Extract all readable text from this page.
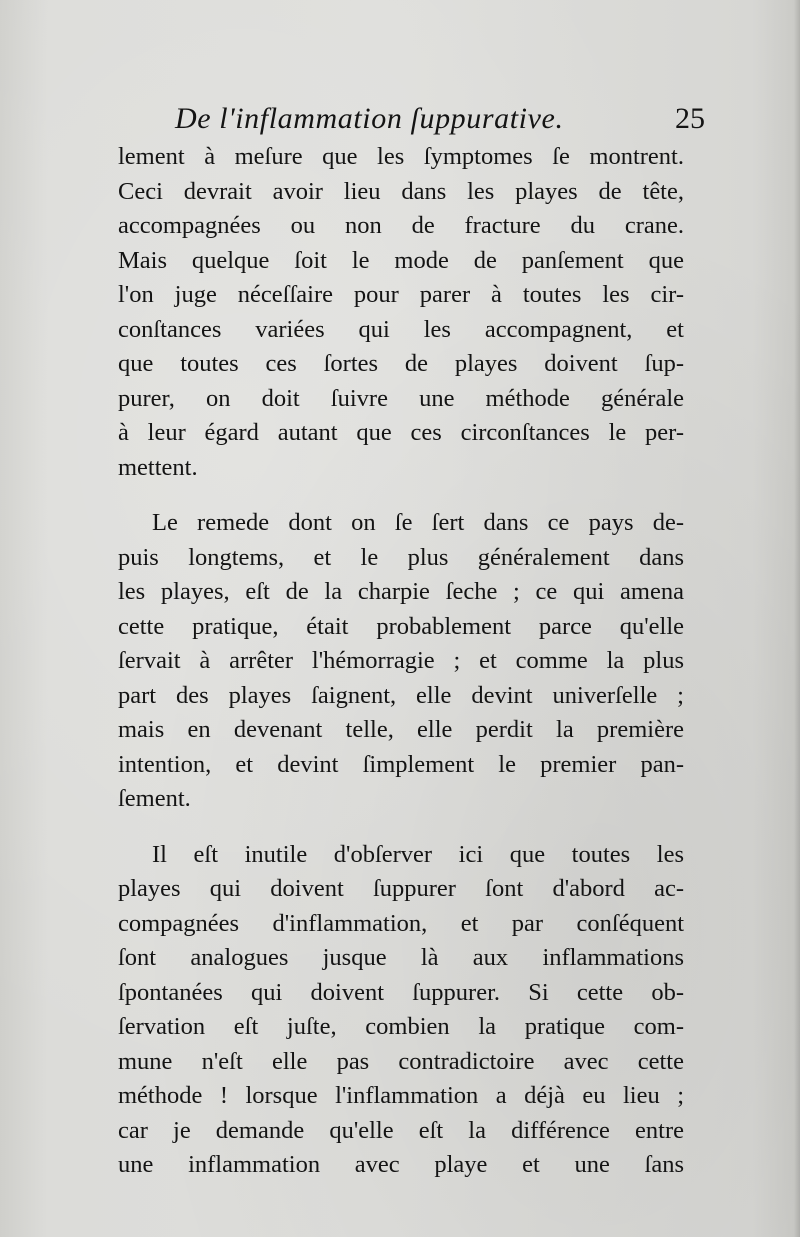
De l'inflammation ſuppurative.	25
lement à meſure que les ſymptomes ſe montrent.
Ceci devrait avoir lieu dans les playes de tête,
accompagnées ou non de fracture du crane.
Mais quelque ſoit le mode de panſement que
l'on juge néceſſaire pour parer à toutes les cir-
conſtances variées qui les accompagnent, et
que toutes ces ſortes de playes doivent ſup-
purer, on doit ſuivre une méthode générale
à leur égard autant que ces circonſtances le per-
mettent.
Le remede dont on ſe ſert dans ce pays de-
puis longtems, et le plus généralement dans
les playes, eſt de la charpie ſeche ; ce qui amena
cette pratique, était probablement parce qu'elle
ſervait à arrêter l'hémorragie ; et comme la plus
part des playes ſaignent, elle devint univerſelle ;
mais en devenant telle, elle perdit la première
intention, et devint ſimplement le premier pan-
ſement.
Il eſt inutile d'obſerver ici que toutes les
playes qui doivent ſuppurer ſont d'abord ac-
compagnées d'inflammation, et par conſéquent
ſont analogues jusque là aux inflammations
ſpontanées qui doivent ſuppurer. Si cette ob-
ſervation eſt juſte, combien la pratique com-
mune n'eſt elle pas contradictoire avec cette
méthode ! lorsque l'inflammation a déjà eu lieu ;
car je demande qu'elle eſt la différence entre
une inflammation avec playe et une ſans
